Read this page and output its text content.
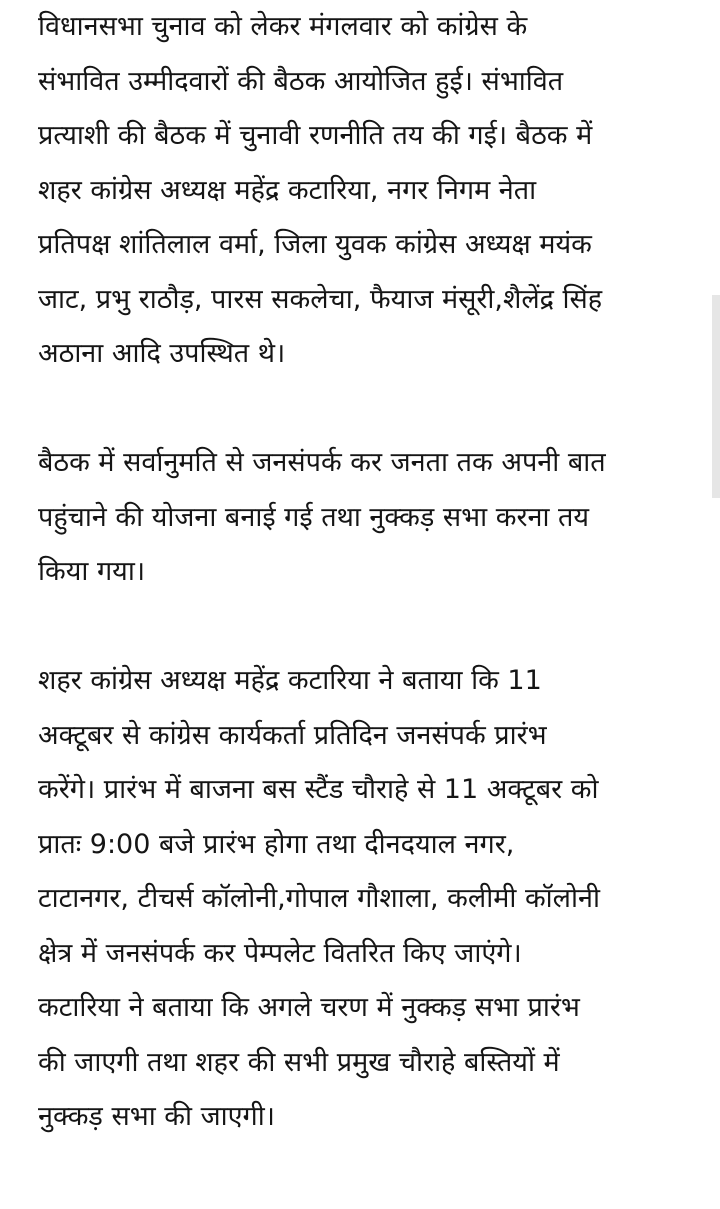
विधानसभा चुनाव को लेकर मंगलवार को कांग्रेस के
संभावित उम्मीदवारों की बैठक आयोजित हुई। संभावित
प्रत्याशी की बैठक में चुनावी रणनीति तय की गई। बैठक में
शहर कांग्रेस अध्यक्ष महेंद्र कटारिया, नगर निगम नेता
प्रतिपक्ष शांतिलाल वर्मा, जिला युवक कांग्रेस अध्यक्ष मयंक
जाट, प्रभु राठौड़, पारस सकलेचा, फैयाज मंसूरी,शैलेंद्र सिंह
अठाना आदि उपस्थित थे।
बैठक में सर्वानुमति से जनसंपर्क कर जनता तक अपनी बात
पहुंचाने की योजना बनाई गई तथा नुक्कड़ सभा करना तय
किया गया।
शहर कांग्रेस अध्यक्ष महेंद्र कटारिया ने बताया कि 11
अक्टूबर से कांग्रेस कार्यकर्ता प्रतिदिन जनसंपर्क प्रारंभ
करेंगे। प्रारंभ में बाजना बस स्टैंड चौराहे से 11 अक्टूबर को
प्रातः 9:00 बजे प्रारंभ होगा तथा दीनदयाल नगर,
टाटानगर, टीचर्स कॉलोनी,गोपाल गौशाला, कलीमी कॉलोनी
क्षेत्र में जनसंपर्क कर पेम्पलेट वितरित किए जाएंगे।
कटारिया ने बताया कि अगले चरण में नुक्कड़ सभा प्रारंभ
की जाएगी तथा शहर की सभी प्रमुख चौराहे बस्तियों में
नुक्कड़ सभा की जाएगी।
